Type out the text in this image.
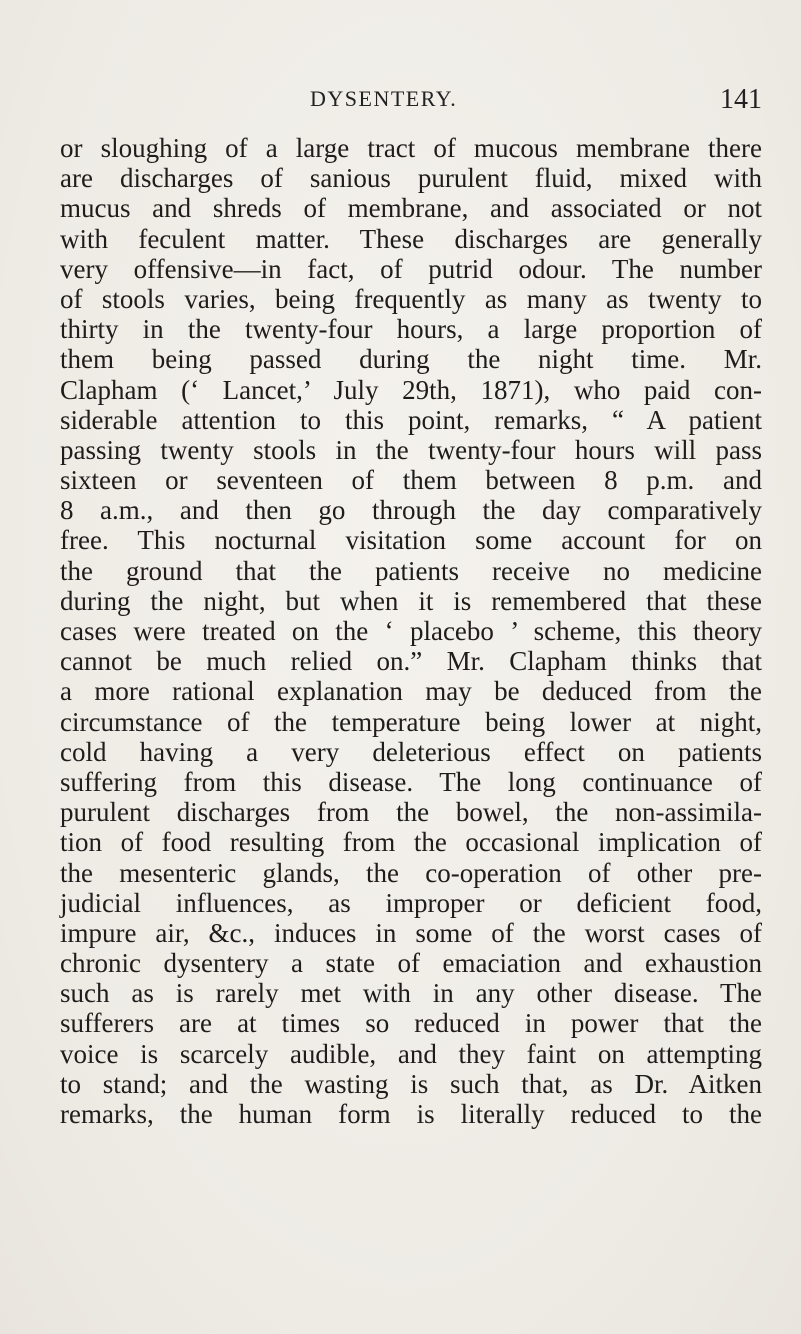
DYSENTERY.	141
or sloughing of a large tract of mucous membrane there
are discharges of sanious purulent fluid, mixed with
mucus and shreds of membrane, and associated or not
with feculent matter. These discharges are generally
very offensive—in fact, of putrid odour. The number
of stools varies, being frequently as many as twenty to
thirty in the twenty-four hours, a large proportion of
them being passed during the night time. Mr.
Clapham (‘ Lancet,’ July 29th, 1871), who paid con-
siderable attention to this point, remarks, “ A patient
passing twenty stools in the twenty-four hours will pass
sixteen or seventeen of them between 8 p.m. and
8 a.m., and then go through the day comparatively
free. This nocturnal visitation some account for on
the ground that the patients receive no medicine
during the night, but when it is remembered that these
cases were treated on the ‘ placebo ’ scheme, this theory
cannot be much relied on.” Mr. Clapham thinks that
a more rational explanation may be deduced from the
circumstance of the temperature being lower at night,
cold having a very deleterious effect on patients
suffering from this disease. The long continuance of
purulent discharges from the bowel, the non-assimila-
tion of food resulting from the occasional implication of
the mesenteric glands, the co-operation of other pre-
judicial influences, as improper or deficient food,
impure air, &c., induces in some of the worst cases of
chronic dysentery a state of emaciation and exhaustion
such as is rarely met with in any other disease. The
sufferers are at times so reduced in power that the
voice is scarcely audible, and they faint on attempting
to stand; and the wasting is such that, as Dr. Aitken
remarks, the human form is literally reduced to the
